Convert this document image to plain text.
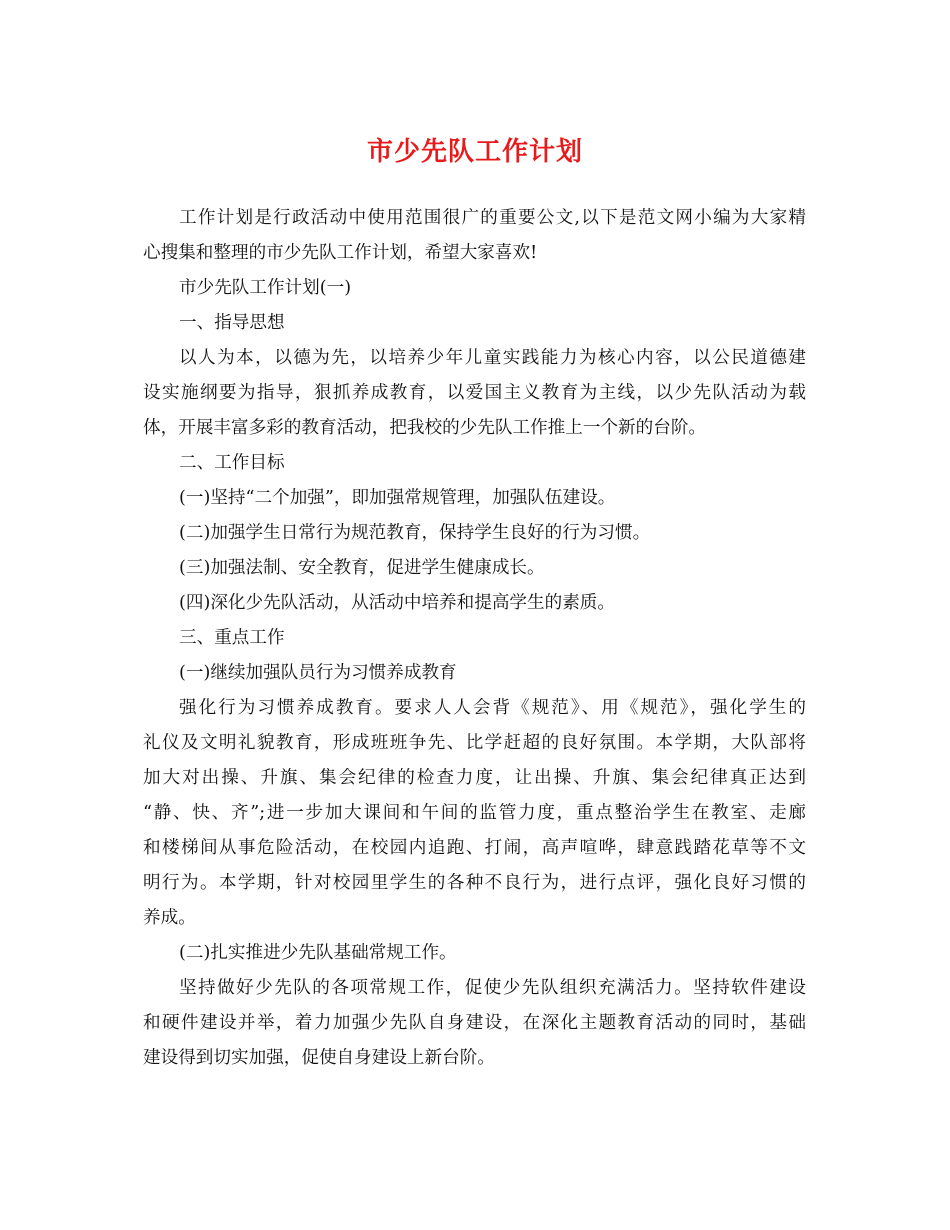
市少先队工作计划
工作计划是行政活动中使用范围很广的重要公文,以下是范文网小编为大家精
心搜集和整理的市少先队工作计划，希望大家喜欢!
市少先队工作计划(一)
一、指导思想
以人为本，以德为先，以培养少年儿童实践能力为核心内容，以公民道德建
设实施纲要为指导，狠抓养成教育，以爱国主义教育为主线，以少先队活动为载
体，开展丰富多彩的教育活动，把我校的少先队工作推上一个新的台阶。
二、工作目标
(一)坚持“二个加强”，即加强常规管理，加强队伍建设。
(二)加强学生日常行为规范教育，保持学生良好的行为习惯。
(三)加强法制、安全教育，促进学生健康成长。
(四)深化少先队活动，从活动中培养和提高学生的素质。
三、重点工作
(一)继续加强队员行为习惯养成教育
强化行为习惯养成教育。要求人人会背《规范》、用《规范》，强化学生的
礼仪及文明礼貌教育，形成班班争先、比学赶超的良好氛围。本学期，大队部将
加大对出操、升旗、集会纪律的检查力度，让出操、升旗、集会纪律真正达到
“静、快、齐”;进一步加大课间和午间的监管力度，重点整治学生在教室、走廊
和楼梯间从事危险活动，在校园内追跑、打闹，高声喧哗，肆意践踏花草等不文
明行为。本学期，针对校园里学生的各种不良行为，进行点评，强化良好习惯的
养成。
(二)扎实推进少先队基础常规工作。
坚持做好少先队的各项常规工作，促使少先队组织充满活力。坚持软件建设
和硬件建设并举，着力加强少先队自身建设，在深化主题教育活动的同时，基础
建设得到切实加强，促使自身建设上新台阶。
